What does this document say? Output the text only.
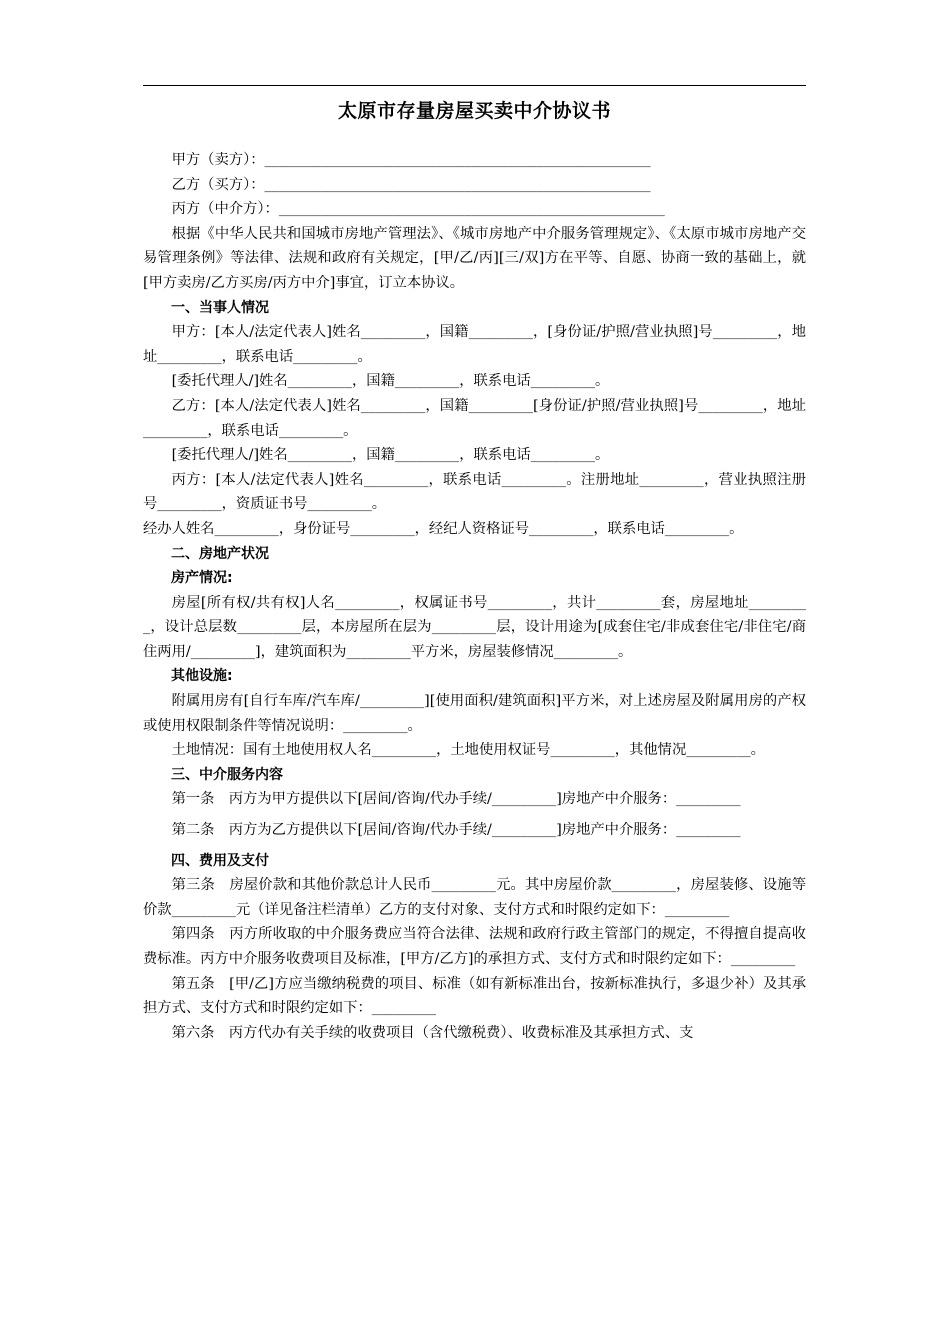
太原市存量房屋买卖中介协议书

甲方（卖方）：______________________________________________________

乙方（买方）：______________________________________________________

丙方（中介方）：______________________________________________________

根据《中华人民共和国城市房地产管理法》、《城市房地产中介服务管理规定》、《太原市城市房地产交易管理条例》等法律、法规和政府有关规定，[甲/乙/丙][三/双]方在平等、自愿、协商一致的基础上，就[甲方卖房/乙方买房/丙方中介]事宜，订立本协议。

一、当事人情况

甲方：[本人/法定代表人]姓名_________，国籍_________，[身份证/护照/营业执照]号_________，地址_________，联系电话_________。

[委托代理人/]姓名_________，国籍_________，联系电话_________。

乙方：[本人/法定代表人]姓名_________，国籍_________[身份证/护照/营业执照]号_________，地址_________，联系电话_________。

[委托代理人/]姓名_________，国籍_________，联系电话_________。

丙方：[本人/法定代表人]姓名_________，联系电话_________。注册地址_________，营业执照注册号_________，资质证书号_________。

经办人姓名_________，身份证号_________，经纪人资格证号_________，联系电话_________。

二、房地产状况

房产情况:

房屋[所有权/共有权]人名_________，权属证书号_________，共计_________套，房屋地址_________，设计总层数_________层，本房屋所在层为_________层，设计用途为[成套住宅/非成套住宅/非住宅/商住两用/_________]，建筑面积为_________平方米，房屋装修情况_________。

其他设施:

附属用房有[自行车库/汽车库/_________][使用面积/建筑面积]平方米，对上述房屋及附属用房的产权或使用权限制条件等情况说明：_________。

土地情况：国有土地使用权人名_________，土地使用权证号_________，其他情况_________。

三、中介服务内容

第一条　丙方为甲方提供以下[居间/咨询/代办手续/_________]房地产中介服务：_________

第二条　丙方为乙方提供以下[居间/咨询/代办手续/_________]房地产中介服务：_________

四、费用及支付

第三条　房屋价款和其他价款总计人民币_________元。其中房屋价款_________，房屋装修、设施等价款_________元（详见备注栏清单）乙方的支付对象、支付方式和时限约定如下：_________

第四条　丙方所收取的中介服务费应当符合法律、法规和政府行政主管部门的规定，不得擅自提高收费标准。丙方中介服务收费项目及标准，[甲方/乙方]的承担方式、支付方式和时限约定如下：_________

第五条　[甲/乙]方应当缴纳税费的项目、标准（如有新标准出台，按新标准执行，多退少补）及其承担方式、支付方式和时限约定如下：_________

第六条　丙方代办有关手续的收费项目（含代缴税费）、收费标准及其承担方式、支
